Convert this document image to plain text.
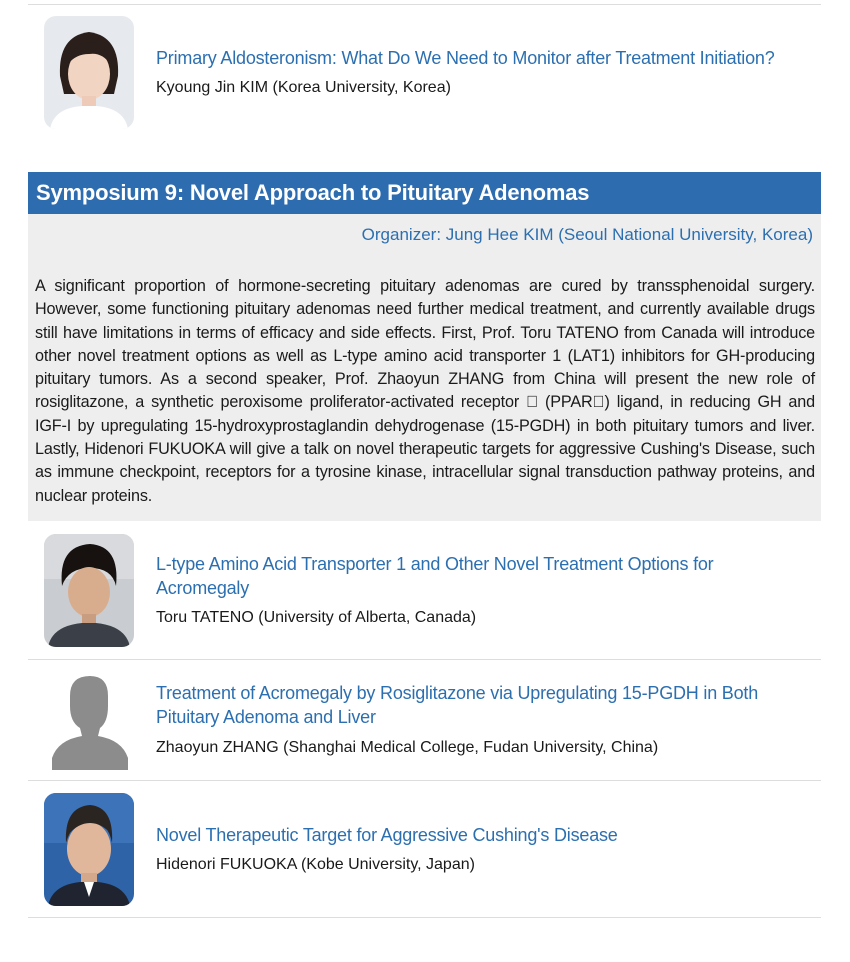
Primary Aldosteronism: What Do We Need to Monitor after Treatment Initiation?
Kyoung Jin KIM (Korea University, Korea)
Symposium 9: Novel Approach to Pituitary Adenomas
Organizer: Jung Hee KIM (Seoul National University, Korea)
A significant proportion of hormone-secreting pituitary adenomas are cured by transsphenoidal surgery. However, some functioning pituitary adenomas need further medical treatment, and currently available drugs still have limitations in terms of efficacy and side effects. First, Prof. Toru TATENO from Canada will introduce other novel treatment options as well as L-type amino acid transporter 1 (LAT1) inhibitors for GH-producing pituitary tumors. As a second speaker, Prof. Zhaoyun ZHANG from China will present the new role of rosiglitazone, a synthetic peroxisome proliferator-activated receptor   (PPAR ) ligand, in reducing GH and IGF-I by upregulating 15-hydroxyprostaglandin dehydrogenase (15-PGDH) in both pituitary tumors and liver. Lastly, Hidenori FUKUOKA will give a talk on novel therapeutic targets for aggressive Cushing's Disease, such as immune checkpoint, receptors for a tyrosine kinase, intracellular signal transduction pathway proteins, and nuclear proteins.
L-type Amino Acid Transporter 1 and Other Novel Treatment Options for Acromegaly
Toru TATENO (University of Alberta, Canada)
Treatment of Acromegaly by Rosiglitazone via Upregulating 15-PGDH in Both Pituitary Adenoma and Liver
Zhaoyun ZHANG (Shanghai Medical College, Fudan University, China)
Novel Therapeutic Target for Aggressive Cushing's Disease
Hidenori FUKUOKA (Kobe University, Japan)
